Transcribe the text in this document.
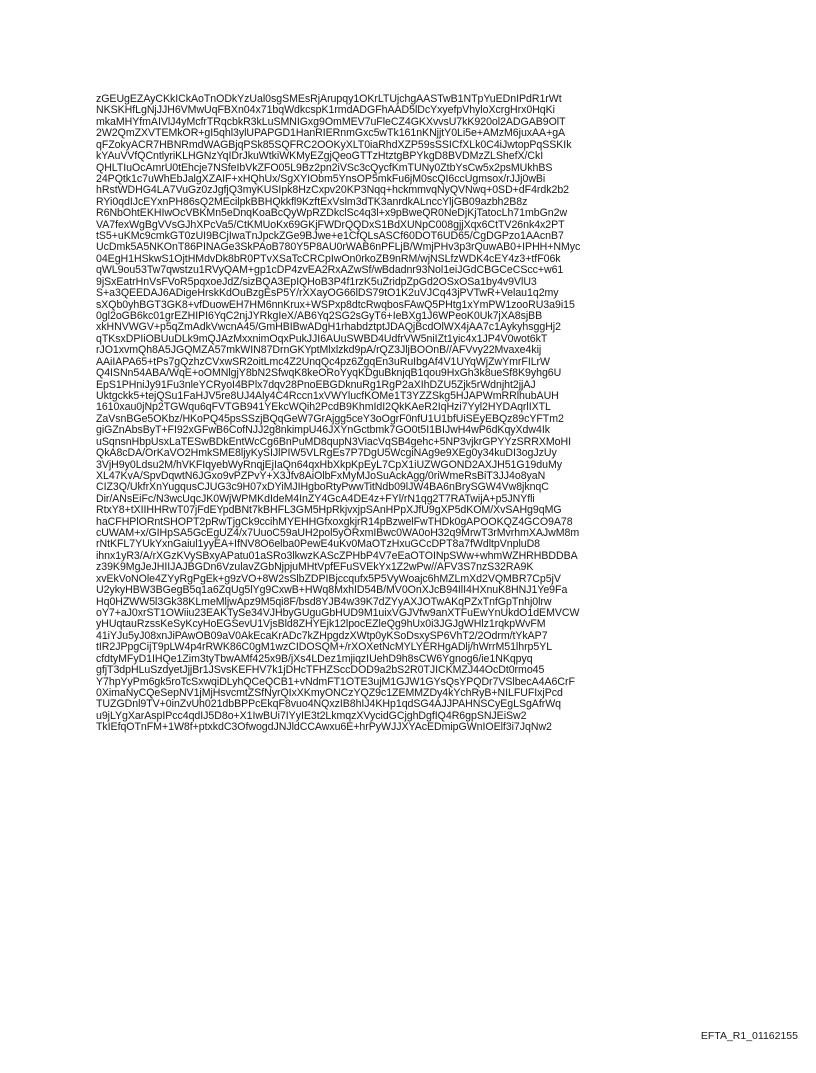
zGEUgEZAyCKkICkAoTnODkYzUal0sgSMEsRjArupqy1OKrLTUjchgAASTwB1NTpYuEDnIPdR1rWt
NKSKHfLgNjJJH6VMwUqFBXn04x71bqWdkcspK1rmdADGFhAAD5lDcYxyefpVhyloXcrgHrx0HqKi
mkaMHYfmAIVlJ4yMcfrTRqcbkR3kLuSMNIGxg9OmMEV7uFleCZ4GKXvvsU7kK920ol2ADGAB9OlT
2W2QmZXVTEMkOR+gI5qhl3ylUPAPGD1HanRIERnmGxc5wTk161nKNjjtY0Li5e+AMzM6juxAA+gA
qFZokyACR7HBNRmdWAGBjqPSk85SQFRC2OOKyXLT0iaRhdXZP59sSSICfXLk0C4iJwtopPqSSKIk
kYAuVVfQCntlyriKLHGNzYqIDrJkuWtkiWKMyEZgjQeoGTTzHtztgBPYkgD8BVDMzZLShefX/CkI
QHLTIuOcAmrU0tEhcje7NSfeIbVkZFO05L9Bz2pn2iVSc3cQycfKmTUNy0ZtbYsCw5x2psMUkhBS
24PQtk1c7uWhEbJalgXZAIF+xHQhUx/SgXYIObm5YnsOP5mkFu6jM0scQI6ccUgmsox/rJJj0wBi
hRstWDHG4LA7VuGz0zJgfjQ3myKUSIpk8HzCxpv20KP3Nqq+hckmmvqNyQVNwq+0SD+dF4rdk2b2
RYi0qdIJcEYxnPH86sQ2MEcilpkBBHQkkfl9KzftExVslm3dTK3anrdkALnccYljGB09azbh2B8z
R6NbOhtEKHIwOcVBKMn5eDnqKoaBcQyWpRZDkclSc4q3l+x9pBweQR0NeDjKjTatocLh71mbGn2w
VA7fexWgBgVVsGJhXPcVa5/CtKMUoKx69GKjFWDrQQDxS1BdXUNpC008gjjXqx6CtTV26nk4x2PT
tS5+uKMc9cmkGT0zUI9BCjIwaTnJpckZGe9BJwe+e1CfQLsASCf60DOT6UD65/CgDGPzo1AAcnB7
UcDmk5A5NKOnT86PINAGe3SkPAoB780Y5P8AU0rWAB6nPFLjB/WmjPHv3p3rQuwAB0+IPHH+NMyc
04EgH1HSkwS1OjtHMdvDk8bR0PTvXSaTcCRCpIwOn0rkoZB9nRM/wjNSLfzWDK4cEY4z3+tfF06k
qWL9ou53Tw7qwstzu1RVyQAM+gp1cDP4zvEA2RxAZwSf/wBdadnr93Nol1eiJGdCBGCeCScc+w61
9jSxEatrHnVsFVoR5pqxoeJdZ/sizBQA3EpIQHoB3P4f1rzK5uZridpZpGd2OSxOSa1by4v9VlU3
S+a3QEEDAJ6ADigeHrskKdOuBzgEsP5Y/rXXayOG66lDS79tO1K2uVJCq43jPVTwR+Velau1q2my
sXQb0yhBGT3GK8+vfDuowEH7HM6nnKrux+WSPxp8dtcRwqbosFAwQ5PHtg1xYmPW1zooRU3a9i15
0gl2oGB6kc01grEZHIPI6YqC2njJYRkgIeX/AB6Yq2SG2sGyT6+IeBXg1J6WPeoK0Uk7jXA8sjBB
xkHNVWGV+p5qZmAdkVwcnA45/GmHBIBwADgH1rhabdztptJDAQjBcdOlWX4jAA7c1AykyhsggHj2
qTKsxDPIiOBUuDLk9mQJAzMxxnimOqxPukJJI6AUuSWBD4UdfrVW5niIZt1yic4x1JP4V0wot6kT
rJO1xvmQh8A5JGQMZA57mkWIN87DrnGKYptMlxlzkd9pA/rQZ3JljBOOnB//AFVvy22Mvaxe4kij
AAiIAPA65+tPs7gQzhzCVxwSR2oitLmc4Z2UnqQc4pz6ZgqEn3uRuIbgAf4V1UYqWjZwYmrFILrW
Q4ISNn54ABA/WqE+oOMNlgjY8bN2SfwqK8keORoYyqKDguBknjqB1qou9HxGh3k8ueSf8K9yhg6U
EpS1PHniJy91Fu3nleYCRyoI4BPlx7dqv28PnoEBGDknuRg1RgP2aXIhDZU5Zjk5rWdnjht2jjAJ
Uktgckk5+tejQSu1FaHJV5re8UJ4Aly4C4Rccn1xVWYlucfKOMe1T3YZZSkg5HJAPWmRRlhubAUH
1610xau0jNp2TGWqu6qFVTGB941YEkcWQih2PcdB9KhmIdI2QkKAeR2IqHzi7Yyl2HYDAqrlIXTL
ZaVsnBGe5OKbz/HKoPQ45psSSzjBQqGeW7GrAjgg5ceY3oOgrF0nfU1U1bfUiSEyEBQz89cYFTm2
giGZnAbsByT+FI92xGFwB6CofNJJ2g8nkimpU46JXYnGctbmk7GO0t5I1BIJwH4wP6dKqyXdw4Ik
uSqnsnHbpUsxLaTESwBDkEntWcCg6BnPuMD8qupN3ViacVqSB4gehc+5NP3vjkrGPYYzSRRXMoHI
QkA8cDA/OrKaVO2HmkSME8ljyKySIJlPIW5VLRgEs7P7DgU5WcgiNAg9e9XEg0y34kuDI3ogJzUy
3VjH9y0Ldsu2M/hVKFIqyebWyRnqjEjIaQn64qxHbXkpKpEyL7CpX1iUZWGOND2AXJH51G19duMy
XL47KvA/SpvDqwtN6JGxo9vPZPvY+X3Jfv8AiOlbFxMyMJoSuAckAgg/0riWmeRsBiT3JJ4o8yaN
CIZ3Q/UkfrXnYugqusCJUG3c9H07xDYiMJIHgboRtyPwwTitNdb09lJW4BA6nBrySGW4Vw8jknqC
Dir/ANsEiFc/N3wcUqcJK0WjWPMKdIdeM4InZY4GcA4DE4z+FYl/rN1qg2T7RATwijA+p5JNYfli
RtxY8+tXIIHHRwT07jFdEYpdBNt7kBHFL3GM5HpRkjvxjpSAnHPpXJfU9gXP5dKOM/XvSAHg9qMG
haCFHPlORntSHOPT2pRwTjgCk9ccihMYEHHGfxoxgkjrR14pBzwelFwTHDk0gAPOOKQZ4GCO9A78
cUWAM+x/GIHpSA5GcEgUZ4/x7UuoC59aUH2pol5yORxmIBwc0WA0oH32q9MrwT3rMvrhmXAJwM8m
rNtKFL7YUkYxnGaiul1yyEA+IfNV8O6elba0PewE4uKv0MaOTzHxuGCcDPT8a7fWdltpVnpluD8
ihnx1yR3/A/rXGzKVySBxyAPatu01aSRo3lkwzKAScZPHbP4V7eEaOTOINpSWw+whmWZHRHBDDBA
z39K9MgJeJHIIJAJBGDn6VzulavZGbNjpjuMHtVpfEFuSVEkYx1Z2wPw//AFV3S7nzS32RA9K
xvEkVoNOle4ZYyRgPgEk+g9zVO+8W2sSlbZDPIBjccqufx5P5VyWoajc6hMZLmXd2VQMBR7Cp5jV
U2ykyHBW3BGegB5q1a6ZqUg5lYg9CxwB+HWq8MxhID54B/MV0OnXJcB94IlI4HXnuK8HNJ1Ye9Fa
Hq0HZWW5l3Gk38KLmeMljwApz9M5qi8F/bsd8YJB4w39K7dZYyAXJOTwAKqPZxTnfGpTnhj0lrw
oY7+aJ0xrST1OWiiu23EAKTySe34VJHbyGUguGbHUD9M1uixVGJVfw9anXTFuEwYnUkdO1dEMVCW
yHUqtauRzssKeSyKcyHoEGSevU1VjsBld8ZHYEjk12lpocEZleQg9hUx0i3JGJgWHlz1rqkpWvFM
41iYJu5yJ08xnJiPAwOB09aV0AkEcaKrADc7kZHpgdzXWtp0yKSoDsxySP6VhT2/2Odrm/tYkAP7
tIR2JPpgCijT9pLW4p4rRWK86C0gM1wzCIDOSQM+/rXOXetNcMYLYERHgADlj/hWrrM51lhrp5YL
cfdtyMFyD1IHQe1Zim3tyTbwAMf425x9B/jXs4LDez1mjiqzIUehD9h8sCW6Ygnog6/ie1NKqpyq
gfjT3dpHLuSzdyetJjjBr1JSvsKEFHV7k1jDHcTFHZSccDOD9a2bS2R0TJICKMZJ44OcDt0rmo45
Y7hpYyPm6gk5roTcSxwqiDLyhQCeQCB1+vNdmFT1OTE3ujM1GJW1GYsQsYPQDr7VSlbecA4A6CrF
0XimaNyCQeSepNV1jMjHsvcmtZSfNyrQIxXKmyONCzYQZ9c1ZEMMZDy4kYchRyB+NILFUFIxjPcd
TUZGDnl9TV+0inZvUh021dbBPPcEkqF8vuo4NQxzIB8hIJ4KHp1qdSG4AJJPAHNSCyEgLSgAfrWq
u9jLYgXarAspIPcc4qdIJ5D8o+X1IwBUi7IYyIE3t2LkmqzXVycidGCjghDgfIQ4R6gpSNJEiSw2
TkIEfqOTnFM+1W8f+ptxkdC3OfwogdJNJldCCAwxu6E+hrPyWJJXYAcEDmipGWnIOElf3i7JqNw2
EFTA_R1_01162155
